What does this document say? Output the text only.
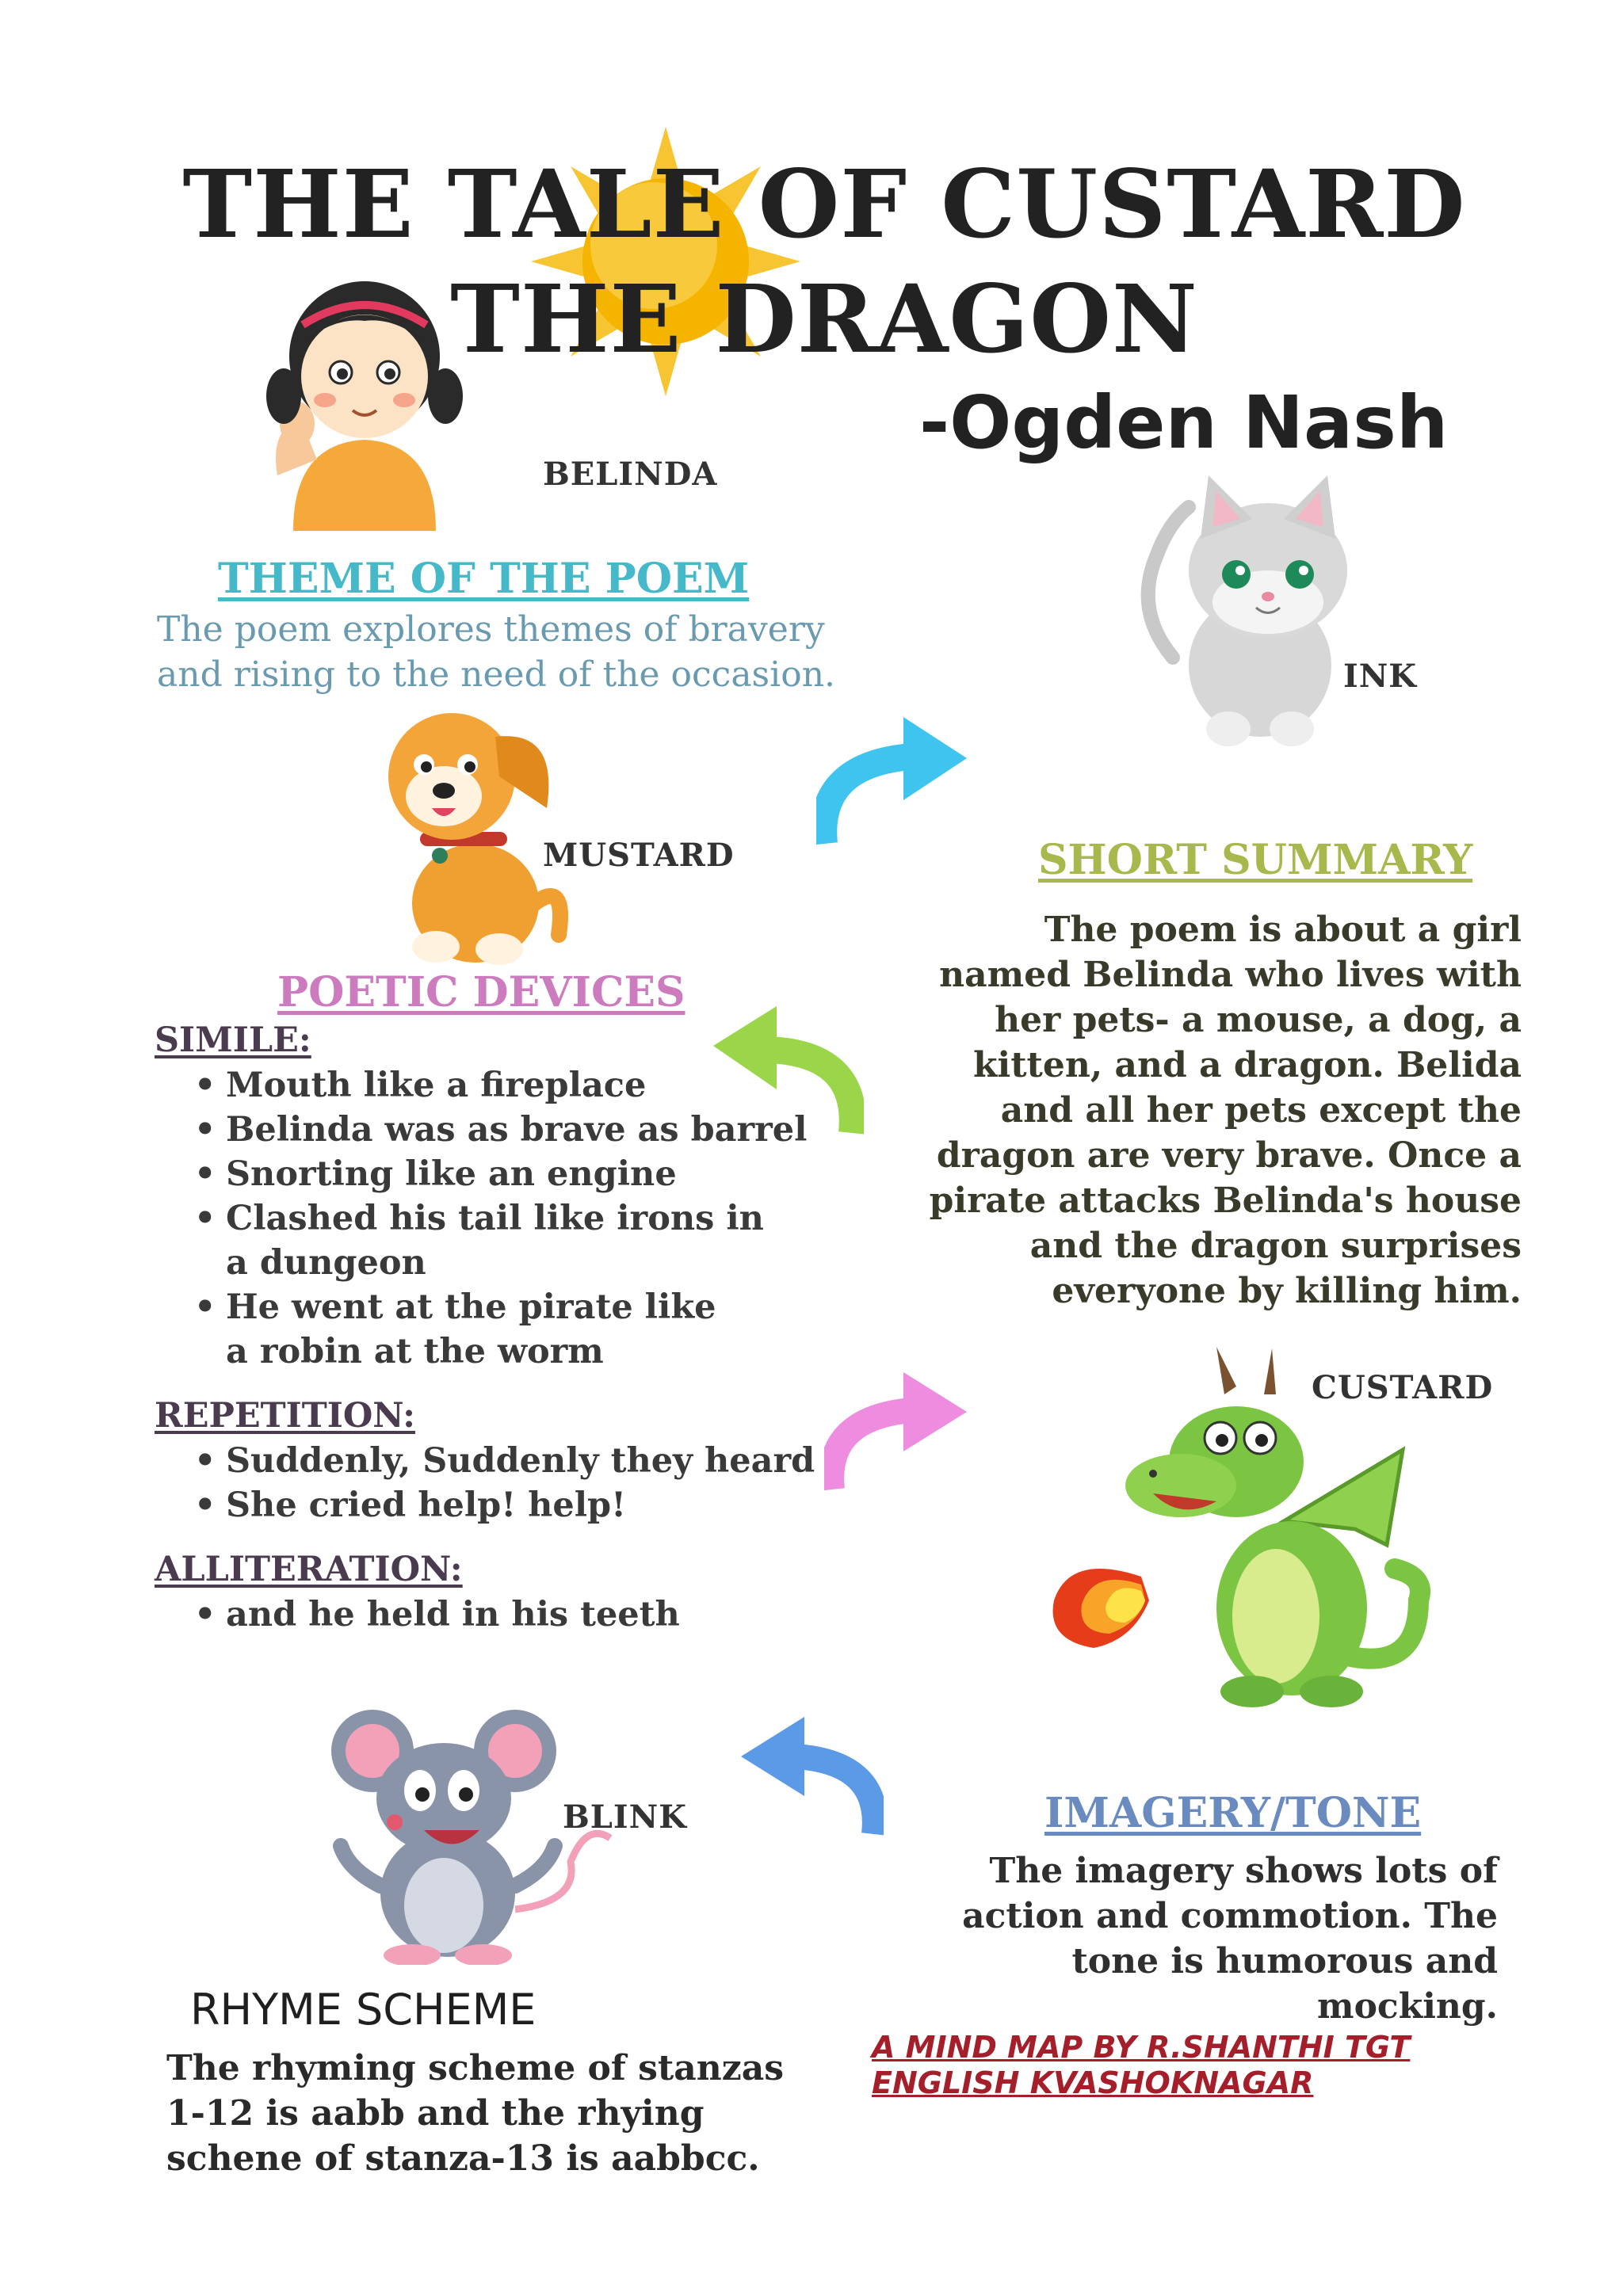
THE TALE OF CUSTARD THE DRAGON
-Ogden Nash
BELINDA
INK
THEME OF THE POEM
The poem explores themes of bravery and rising to the need of the occasion.
MUSTARD	SHORT SUMMARY
The poem is about a girl named Belinda who lives with her pets- a mouse, a dog, a kitten, and a dragon. Belida and all her pets except the dragon are very brave. Once a pirate attacks Belinda's house and the dragon surprises everyone by killing him.
POETIC DEVICES
SIMILE:
• Mouth like a fireplace
• Belinda was as brave as barrel
• Snorting like an engine
• Clashed his tail like irons in a dungeon
• He went at the pirate like a robin at the worm
REPETITION:
• Suddenly, Suddenly they heard
• She cried help! help!
ALLITERATION:
• and he held in his teeth
CUSTARD
BLINK	IMAGERY/TONE
The imagery shows lots of action and commotion. The tone is humorous and mocking.
RHYME SCHEME
The rhyming scheme of stanzas 1-12 is aabb and the rhying schene of stanza-13 is aabbcc.
A MIND MAP BY R.SHANTHI TGT
ENGLISH KVASHOKNAGAR
